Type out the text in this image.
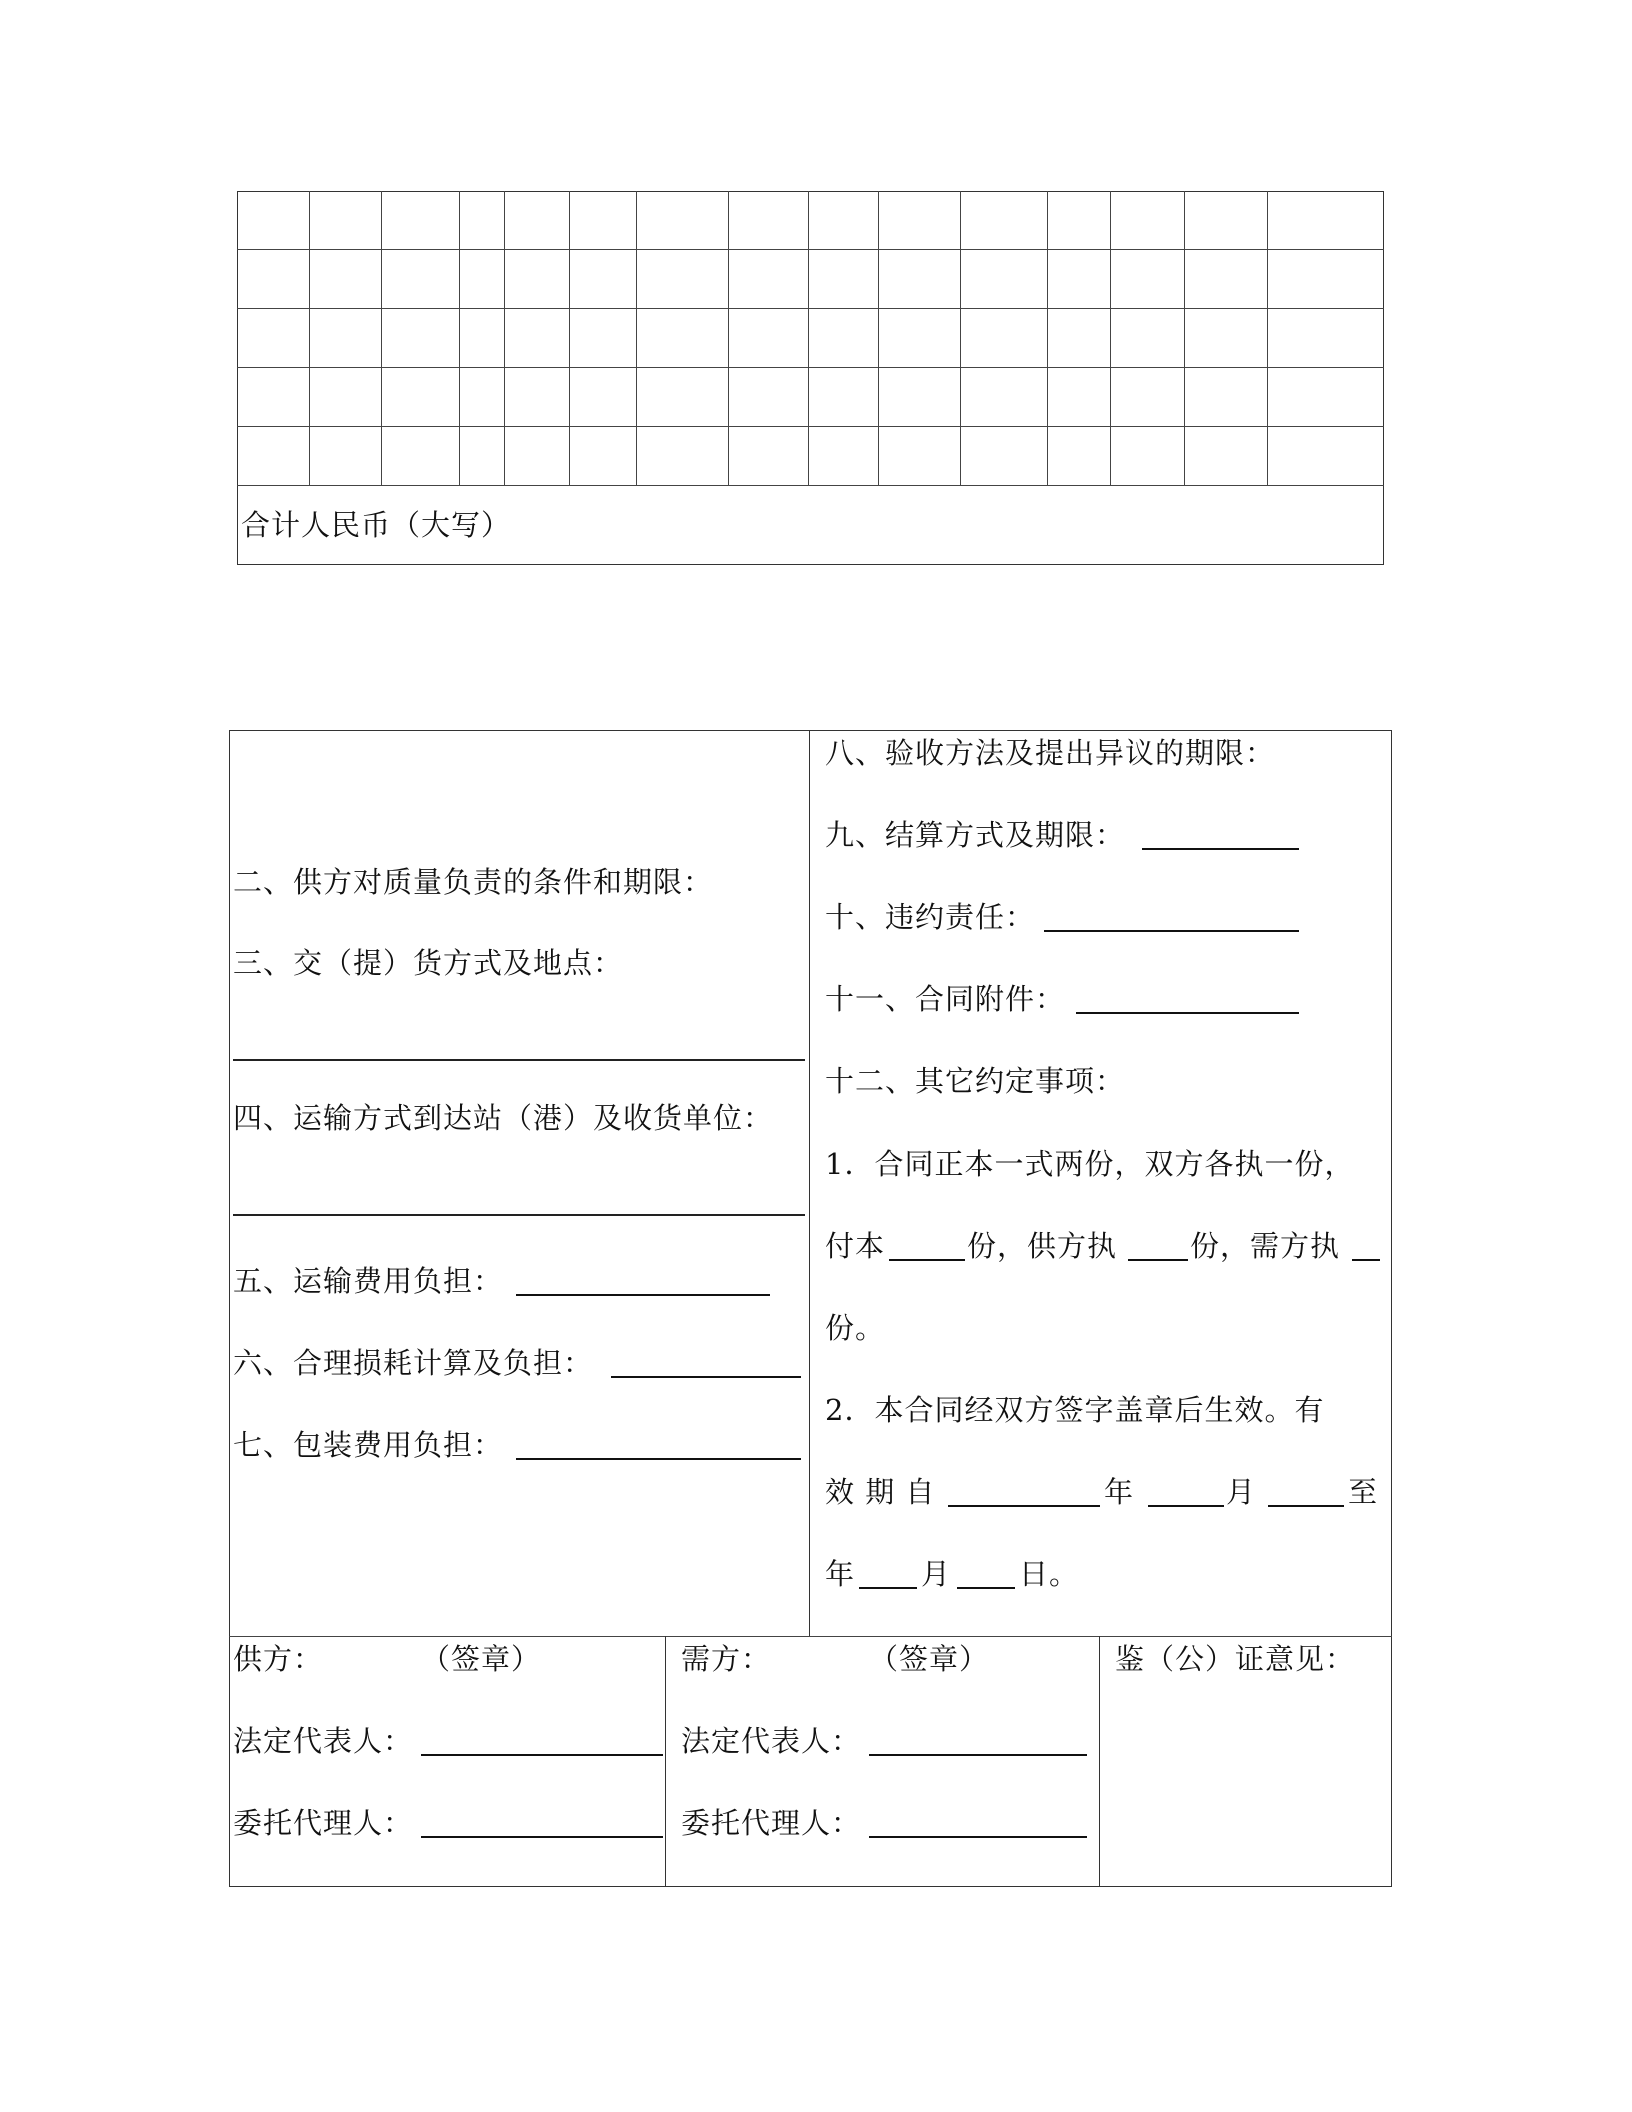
合计人民币（大写）
二、供方对质量负责的条件和期限：
三、交（提）货方式及地点：
四、运输方式到达站（港）及收货单位：
五、运输费用负担：
六、合理损耗计算及负担：
七、包装费用负担：
八、验收方法及提出异议的期限：
九、结算方式及期限：
十、违约责任：
十一、合同附件：
十二、其它约定事项：
1．合同正本一式两份，双方各执一份，
付本	份，供方执	份，需方执
份。
2．本合同经双方签字盖章后生效。有
效 期 自	年	月	至
年 月 日。
供方：	（签章）
法定代表人：
委托代理人：
需方：	（签章）
法定代表人：
委托代理人：
鉴（公）证意见：
